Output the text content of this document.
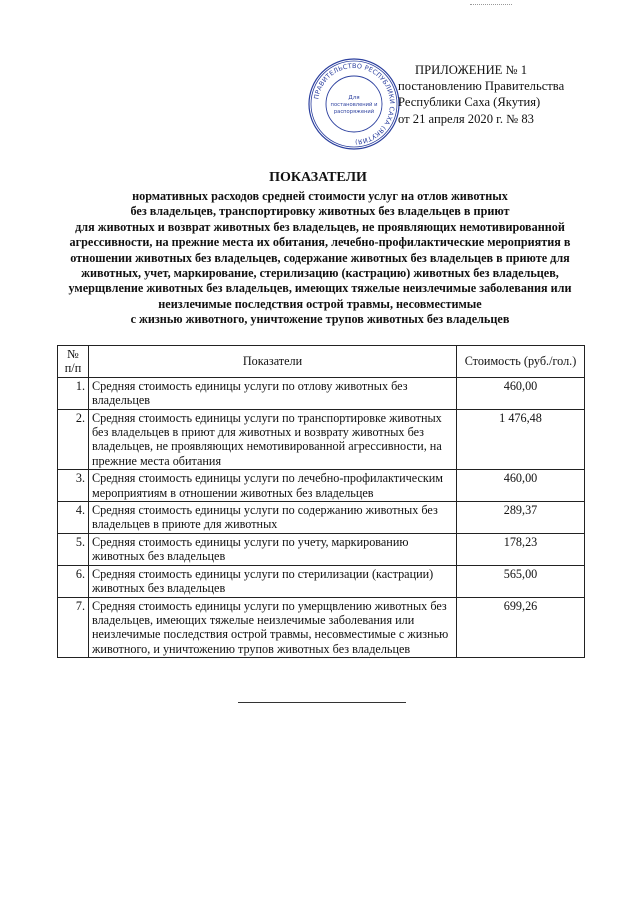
ПРАВИТЕЛЬСТВО РЕСПУБЛИКИ САХА (ЯКУТИЯ)
Для
постановлений и
распоряжений
ПРИЛОЖЕНИЕ № 1
постановлению Правительства
Республики Саха (Якутия)
от 21 апреля 2020 г. № 83
ПОКАЗАТЕЛИ
нормативных расходов средней стоимости услуг на отлов животных
без владельцев, транспортировку животных без владельцев в приют
для животных и возврат животных без владельцев, не проявляющих немотивированной
агрессивности, на прежние места их обитания, лечебно-профилактические мероприятия в
отношении животных без владельцев, содержание животных без владельцев в приюте для
животных, учет, маркирование, стерилизацию (кастрацию) животных без владельцев,
умерщвление животных без владельцев, имеющих тяжелые неизлечимые заболевания или
неизлечимые последствия острой травмы, несовместимые
с жизнью животного, уничтожение трупов животных без владельцев
№
п/п	Показатели	Стоимость (руб./гол.)
1.	Средняя стоимость единицы услуги по отлову животных без
владельцев	460,00
2.	Средняя стоимость единицы услуги по транспортировке животных
без владельцев в приют для животных и возврату животных без
владельцев, не проявляющих немотивированной агрессивности, на
прежние места обитания	1 476,48
3.	Средняя стоимость единицы услуги по лечебно-профилактическим
мероприятиям в отношении животных без владельцев	460,00
4.	Средняя стоимость единицы услуги по содержанию животных без
владельцев в приюте для животных	289,37
5.	Средняя стоимость единицы услуги по учету, маркированию
животных без владельцев	178,23
6.	Средняя стоимость единицы услуги по стерилизации (кастрации)
животных без владельцев	565,00
7.	Средняя стоимость единицы услуги по умерщвлению животных без
владельцев, имеющих тяжелые неизлечимые заболевания или
неизлечимые последствия острой травмы, несовместимые с жизнью
животного, и уничтожению трупов животных без владельцев	699,26
